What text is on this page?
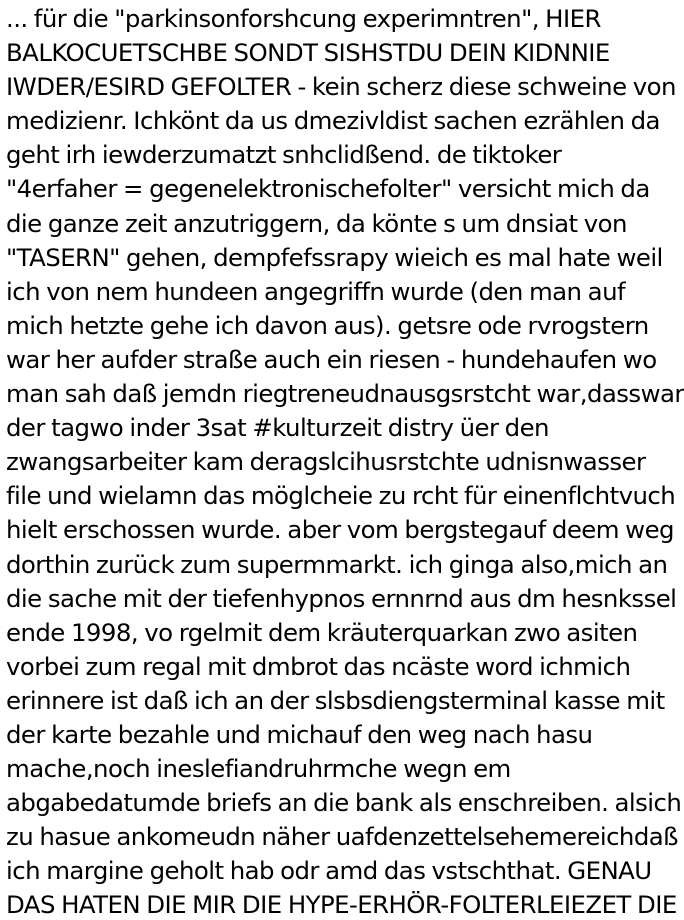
... für die "parkinsonforshcung experimntren", HIER
BALKOCUETSCHBE SONDT SISHSTDU DEIN KIDNNIE
IWDER/ESIRD GEFOLTER - kein scherz diese schweine von
medizienr. Ichkönt da us dmezivldist sachen ezrählen da
geht irh iewderzumatzt snhclidßend. de tiktoker
"4erfaher = gegenelektronischefolter" versicht mich da
die ganze zeit anzutriggern, da könte s um dnsiat von
"TASERN" gehen, dempfefssrapy wieich es mal hate weil
ich von nem hundeen angegriffn wurde (den man auf
mich hetzte gehe ich davon aus). getsre ode rvrogstern
war her aufder straße auch ein riesen - hundehaufen wo
man sah daß jemdn riegtreneudnausgsrstcht war,dasswar
der tagwo inder 3sat #kulturzeit distry üer den
zwangsarbeiter kam deragslcihusrstchte udnisnwasser
file und wielamn das möglcheie zu rcht für einenflchtvuch
hielt erschossen wurde. aber vom bergstegauf deem weg
dorthin zurück zum supermmarkt. ich ginga also,mich an
die sache mit der tiefenhypnos ernnrnd aus dm hesnkssel
ende 1998, vo rgelmit dem kräuterquarkan zwo asiten
vorbei zum regal mit dmbrot das ncäste word ichmich
erinnere ist daß ich an der slsbsdiengsterminal kasse mit
der karte bezahle und michauf den weg nach hasu
mache,noch ineslefiandruhrmche wegn em
abgabedatumde briefs an die bank als enschreiben. alsich
zu hasue ankomeudn näher uafdenzettelsehemereichdaß
ich margine geholt hab odr amd das vstschthat. GENAU
DAS HATEN DIE MIR DIE HYPE-ERHÖR-FOLTERLEIEZET DIE
